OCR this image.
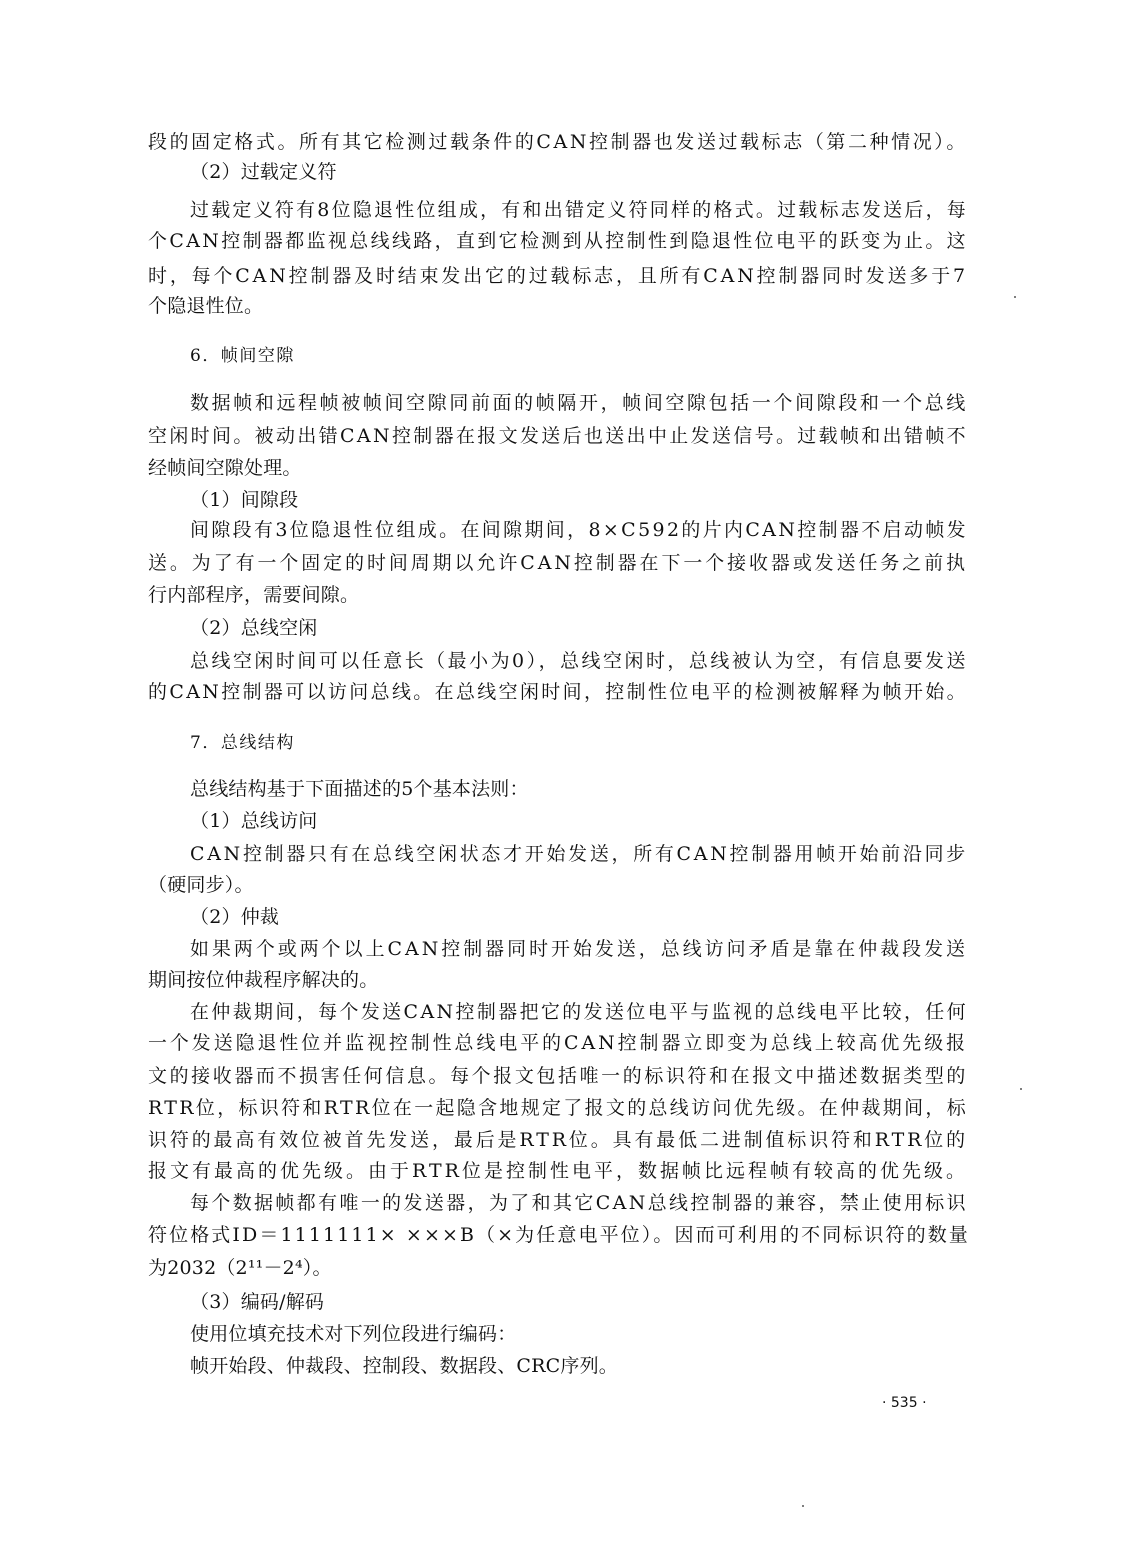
段的固定格式。所有其它检测过载条件的CAN控制器也发送过载标志（第二种情况）。
（2）过载定义符
过载定义符有8位隐退性位组成，有和出错定义符同样的格式。过载标志发送后，每
个CAN控制器都监视总线线路，直到它检测到从控制性到隐退性位电平的跃变为止。这
时，每个CAN控制器及时结束发出它的过载标志，且所有CAN控制器同时发送多于7
个隐退性位。
6．帧间空隙
数据帧和远程帧被帧间空隙同前面的帧隔开，帧间空隙包括一个间隙段和一个总线
空闲时间。被动出错CAN控制器在报文发送后也送出中止发送信号。过载帧和出错帧不
经帧间空隙处理。
（1）间隙段
间隙段有3位隐退性位组成。在间隙期间，8×C592的片内CAN控制器不启动帧发
送。为了有一个固定的时间周期以允许CAN控制器在下一个接收器或发送任务之前执
行内部程序，需要间隙。
（2）总线空闲
总线空闲时间可以任意长（最小为0），总线空闲时，总线被认为空，有信息要发送
的CAN控制器可以访问总线。在总线空闲时间，控制性位电平的检测被解释为帧开始。
7．总线结构
总线结构基于下面描述的5个基本法则：
（1）总线访问
CAN控制器只有在总线空闲状态才开始发送，所有CAN控制器用帧开始前沿同步
（硬同步）。
（2）仲裁
如果两个或两个以上CAN控制器同时开始发送，总线访问矛盾是靠在仲裁段发送
期间按位仲裁程序解决的。
在仲裁期间，每个发送CAN控制器把它的发送位电平与监视的总线电平比较，任何
一个发送隐退性位并监视控制性总线电平的CAN控制器立即变为总线上较高优先级报
文的接收器而不损害任何信息。每个报文包括唯一的标识符和在报文中描述数据类型的
RTR位，标识符和RTR位在一起隐含地规定了报文的总线访问优先级。在仲裁期间，标
识符的最高有效位被首先发送，最后是RTR位。具有最低二进制值标识符和RTR位的
报文有最高的优先级。由于RTR位是控制性电平，数据帧比远程帧有较高的优先级。
每个数据帧都有唯一的发送器，为了和其它CAN总线控制器的兼容，禁止使用标识
符位格式ID＝1111111× ×××B（×为任意电平位）。因而可利用的不同标识符的数量
为2032（2¹¹－2⁴）。
（3）编码/解码
使用位填充技术对下列位段进行编码：
帧开始段、仲裁段、控制段、数据段、CRC序列。
· 535 ·
